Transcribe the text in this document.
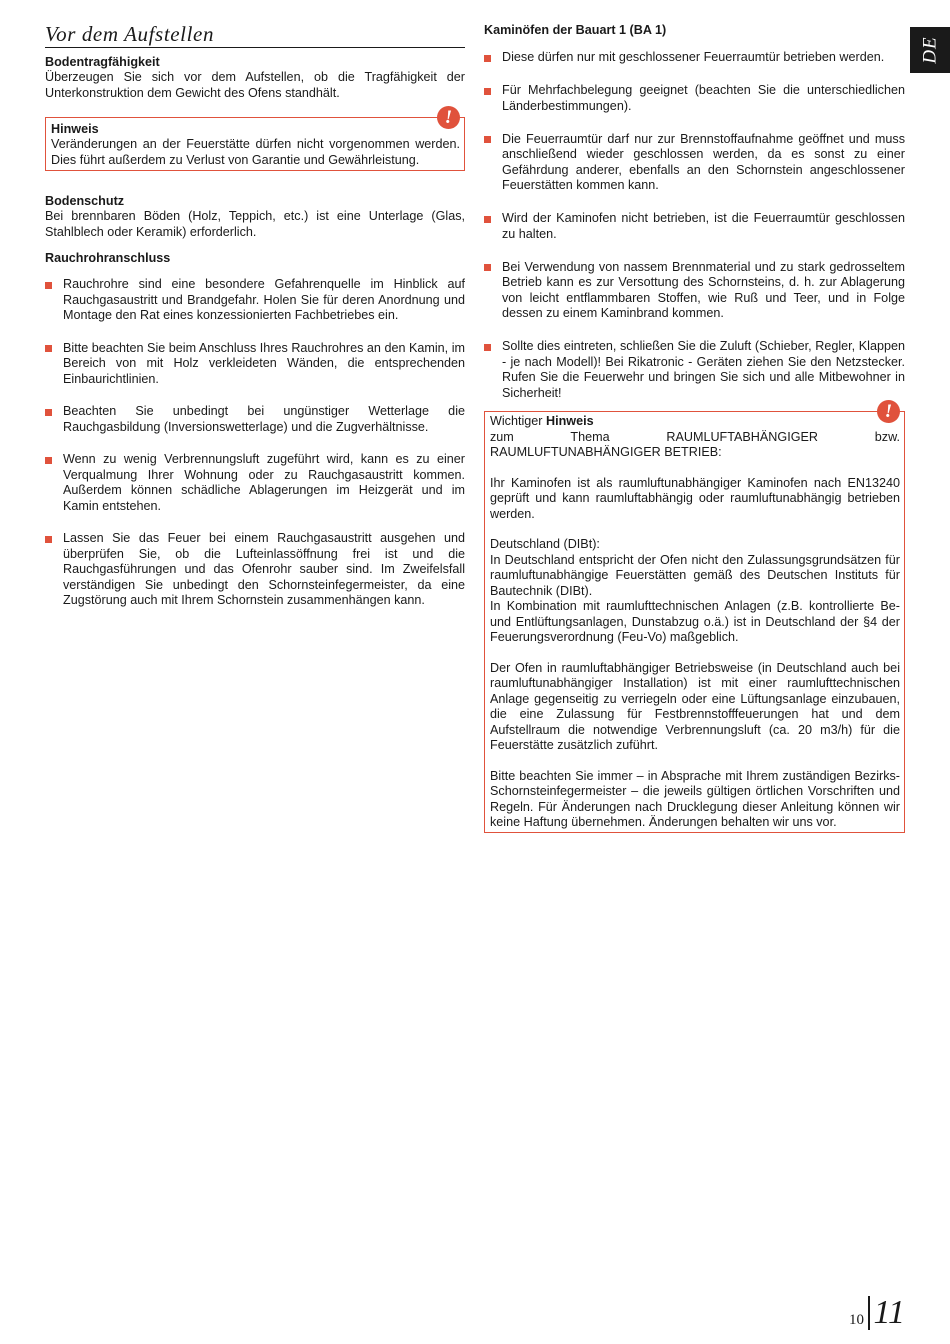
Vor dem Aufstellen
Bodentragfähigkeit

Überzeugen Sie sich vor dem Aufstellen, ob die Tragfähigkeit der Unterkonstruktion dem Gewicht des Ofens standhält.

!
Hinweis

Veränderungen an der Feuerstätte dürfen nicht vorgenommen werden. Dies führt außerdem zu Verlust von Garantie und Gewährleistung.

Bodenschutz

Bei brennbaren Böden (Holz, Teppich, etc.) ist eine Unterlage (Glas, Stahlblech oder Keramik) erforderlich.

Rauchrohranschluss
Rauchrohre sind eine besondere Gefahrenquelle im Hinblick auf Rauchgasaustritt und Brandgefahr. Holen Sie für deren Anordnung und Montage den Rat eines konzessionierten Fachbetriebes ein.
Bitte beachten Sie beim Anschluss Ihres Rauchrohres an den Kamin, im Bereich von mit Holz verkleideten Wänden, die entsprechenden Einbaurichtlinien.
Beachten Sie unbedingt bei ungünstiger Wetterlage die Rauchgasbildung (Inversionswetterlage) und die Zugverhältnisse.
Wenn zu wenig Verbrennungsluft zugeführt wird, kann es zu einer Verqualmung Ihrer Wohnung oder zu Rauchgasaustritt kommen. Außerdem können schädliche Ablagerungen im Heizgerät und im Kamin entstehen.
Lassen Sie das Feuer bei einem Rauchgasaustritt ausgehen und überprüfen Sie, ob die Lufteinlassöffnung frei ist und die Rauchgasführungen und das Ofenrohr sauber sind. Im Zweifelsfall verständigen Sie unbedingt den Schornsteinfegermeister, da eine Zugstörung auch mit Ihrem Schornstein zusammenhängen kann.
Kaminöfen der Bauart 1 (BA 1)
Diese dürfen nur mit geschlossener Feuerraumtür betrieben werden.
Für Mehrfachbelegung geeignet (beachten Sie die unterschiedlichen Länderbestimmungen).
Die Feuerraumtür darf nur zur Brennstoffaufnahme geöffnet und muss anschließend wieder geschlossen werden, da es sonst zu einer Gefährdung anderer, ebenfalls an den Schornstein angeschlossener Feuerstätten kommen kann.
Wird der Kaminofen nicht betrieben, ist die Feuerraumtür geschlossen zu halten.
Bei Verwendung von nassem Brennmaterial und zu stark gedrosseltem Betrieb kann es zur Versottung des Schornsteins, d. h. zur Ablagerung von leicht entflammbaren Stoffen, wie Ruß und Teer, und in Folge dessen zu einem Kaminbrand kommen.
Sollte dies eintreten, schließen Sie die Zuluft (Schieber, Regler, Klappen - je nach Modell)! Bei Rikatronic - Geräten ziehen Sie den Netzstecker. Rufen Sie die Feuerwehr und bringen Sie sich und alle Mitbewohner in Sicherheit!
!
Wichtiger Hinweis

zum Thema RAUMLUFTABHÄNGIGER bzw. RAUMLUFTUNABHÄNGIGER BETRIEB:

Ihr Kaminofen ist als raumluftunabhängiger Kaminofen nach EN13240 geprüft und kann raumluftabhängig oder raumluftunabhängig betrieben werden.

Deutschland (DIBt):

In Deutschland entspricht der Ofen nicht den Zulassungsgrundsätzen für raumluftunabhängige Feuerstätten gemäß des Deutschen Instituts für Bautechnik (DIBt).

In Kombination mit raumlufttechnischen Anlagen (z.B. kontrollierte Be- und Entlüftungsanlagen, Dunstabzug o.ä.) ist in Deutschland der §4 der Feuerungsverordnung (Feu-Vo) maßgeblich.

Der Ofen in raumluftabhängiger Betriebsweise (in Deutschland auch bei raumluftunabhängiger Installation) ist mit einer raumlufttechnischen Anlage gegenseitig zu verriegeln oder eine Lüftungsanlage einzubauen, die eine Zulassung für Festbrennstofffeuerungen hat und dem Aufstellraum die notwendige Verbrennungsluft (ca. 20 m3/h) für die Feuerstätte zusätzlich zuführt.

Bitte beachten Sie immer – in Absprache mit Ihrem zuständigen Bezirks-Schornsteinfegermeister – die jeweils gültigen örtlichen Vorschriften und Regeln. Für Änderungen nach Drucklegung dieser Anleitung können wir keine Haftung übernehmen. Änderungen behalten wir uns vor.

DE
10 11
